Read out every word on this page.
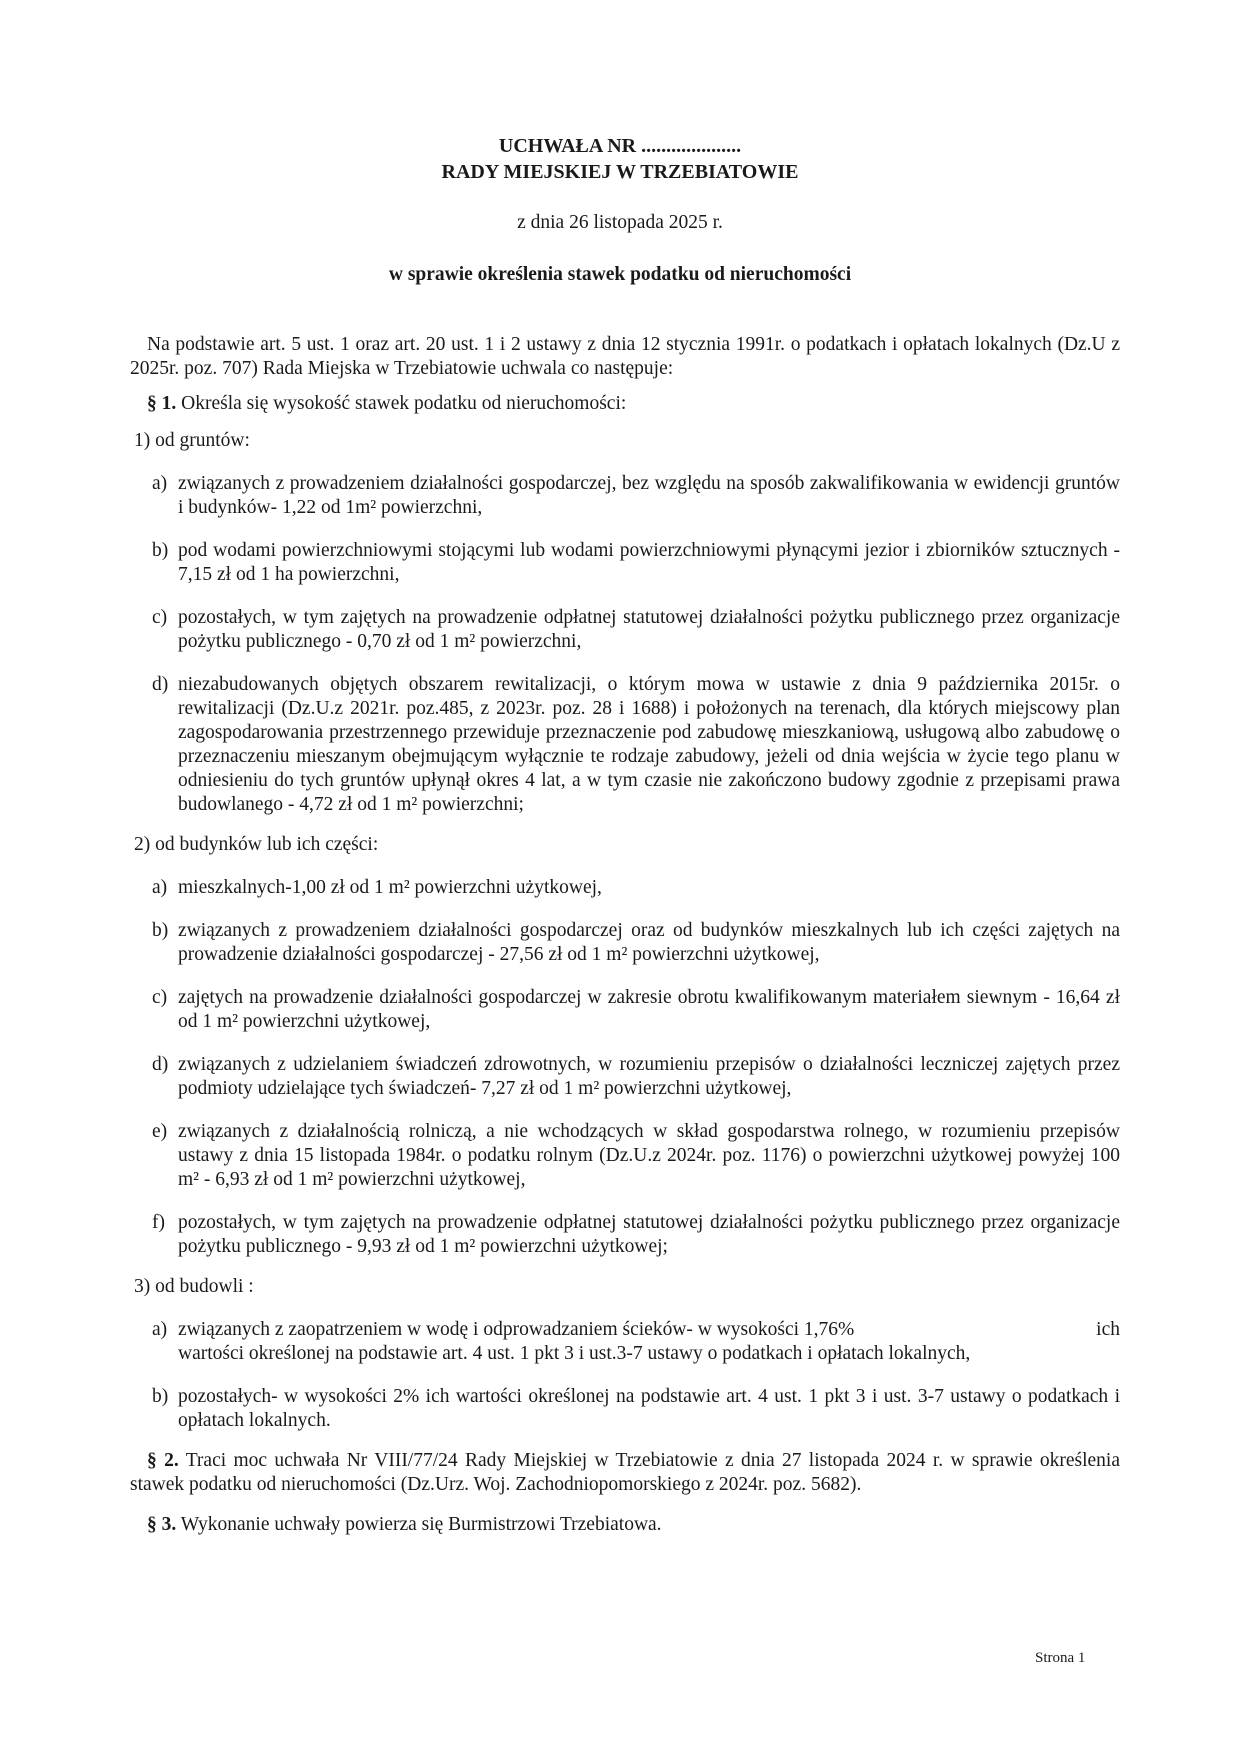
UCHWAŁA NR ....................
RADY MIEJSKIEJ W TRZEBIATOWIE
z dnia 26 listopada 2025 r.
w sprawie określenia stawek podatku od nieruchomości

Na podstawie art. 5 ust. 1 oraz art. 20 ust. 1 i 2 ustawy z dnia 12 stycznia 1991r. o podatkach i opłatach lokalnych (Dz.U z 2025r. poz. 707) Rada Miejska w Trzebiatowie uchwala co następuje:

§ 1. Określa się wysokość stawek podatku od nieruchomości:

1) od gruntów:
a) związanych z prowadzeniem działalności gospodarczej, bez względu na sposób zakwalifikowania w ewidencji gruntów i budynków- 1,22 od 1m² powierzchni,
b) pod wodami powierzchniowymi stojącymi lub wodami powierzchniowymi płynącymi jezior i zbiorników sztucznych - 7,15 zł od 1 ha powierzchni,
c) pozostałych, w tym zajętych na prowadzenie odpłatnej statutowej działalności pożytku publicznego przez organizacje pożytku publicznego - 0,70 zł od 1 m² powierzchni,
d) niezabudowanych objętych obszarem rewitalizacji, o którym mowa w ustawie z dnia 9 października 2015r. o rewitalizacji (Dz.U.z 2021r. poz.485, z 2023r. poz. 28 i 1688) i położonych na terenach, dla których miejscowy plan zagospodarowania przestrzennego przewiduje przeznaczenie pod zabudowę mieszkaniową, usługową albo zabudowę o przeznaczeniu mieszanym obejmującym wyłącznie te rodzaje zabudowy, jeżeli od dnia wejścia w życie tego planu w odniesieniu do tych gruntów upłynął okres 4 lat, a w tym czasie nie zakończono budowy zgodnie z przepisami prawa budowlanego - 4,72 zł od 1 m² powierzchni;
2) od budynków lub ich części:
a) mieszkalnych-1,00 zł od 1 m² powierzchni użytkowej,
b) związanych z prowadzeniem działalności gospodarczej oraz od budynków mieszkalnych lub ich części zajętych na prowadzenie działalności gospodarczej - 27,56 zł od 1 m² powierzchni użytkowej,
c) zajętych na prowadzenie działalności gospodarczej w zakresie obrotu kwalifikowanym materiałem siewnym - 16,64 zł od 1 m² powierzchni użytkowej,
d) związanych z udzielaniem świadczeń zdrowotnych, w rozumieniu przepisów o działalności leczniczej zajętych przez podmioty udzielające tych świadczeń- 7,27 zł od 1 m² powierzchni użytkowej,
e) związanych z działalnością rolniczą, a nie wchodzących w skład gospodarstwa rolnego, w rozumieniu przepisów ustawy z dnia 15 listopada 1984r. o podatku rolnym (Dz.U.z 2024r. poz. 1176) o powierzchni użytkowej powyżej 100 m² - 6,93 zł od 1 m² powierzchni użytkowej,
f) pozostałych, w tym zajętych na prowadzenie odpłatnej statutowej działalności pożytku publicznego przez organizacje pożytku publicznego - 9,93 zł od 1 m² powierzchni użytkowej;
3) od budowli :
a) związanych z zaopatrzeniem w wodę i odprowadzaniem ścieków- w wysokości 1,76%	ich
wartości określonej na podstawie art. 4 ust. 1 pkt 3 i ust.3-7 ustawy o podatkach i opłatach lokalnych,
b) pozostałych- w wysokości 2% ich wartości określonej na podstawie art. 4 ust. 1 pkt 3 i ust. 3-7 ustawy o podatkach i opłatach lokalnych.

§ 2. Traci moc uchwała Nr VIII/77/24 Rady Miejskiej w Trzebiatowie z dnia 27 listopada 2024 r. w sprawie określenia stawek podatku od nieruchomości (Dz.Urz. Woj. Zachodniopomorskiego z 2024r. poz. 5682).

§ 3. Wykonanie uchwały powierza się Burmistrzowi Trzebiatowa.

Strona 1
